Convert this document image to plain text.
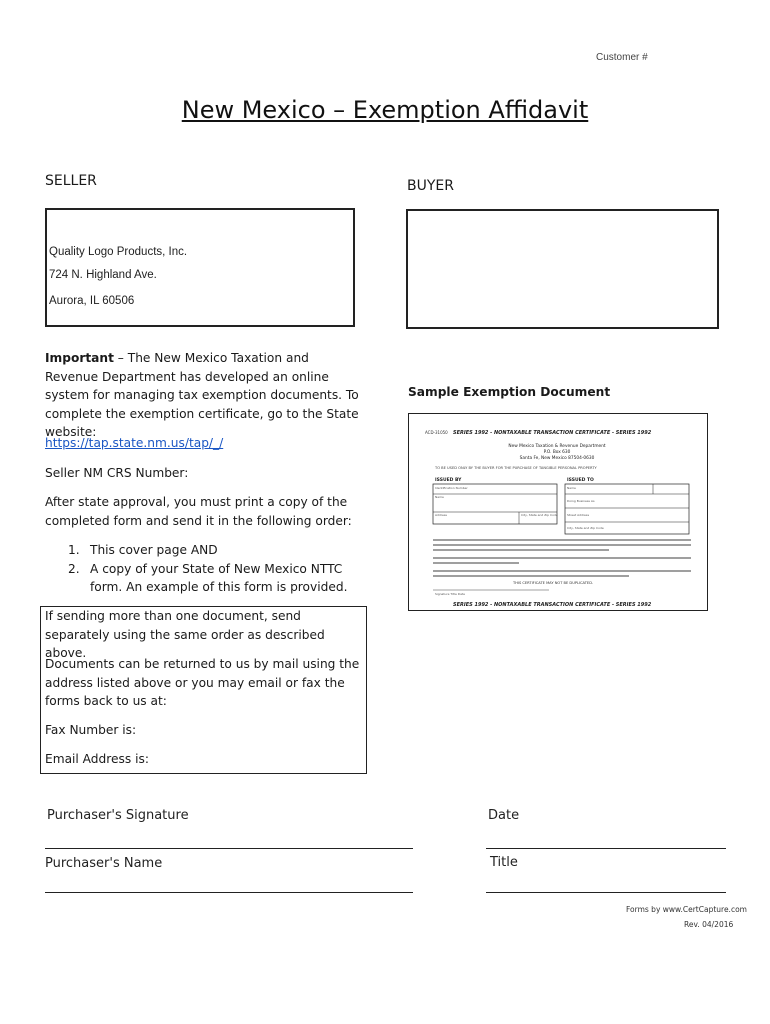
Customer #
New Mexico – Exemption Affidavit
SELLER	BUYER
Quality Logo Products, Inc.
724 N. Highland Ave.
Aurora, IL 60506
Important – The New Mexico Taxation and Revenue Department has developed an online system for managing tax exemption documents. To complete the exemption certificate, go to the State website:
https://tap.state.nm.us/tap/_/
Seller NM CRS Number:
After state approval, you must print a copy of the completed form and send it in the following order:
1. This cover page AND
2. A copy of your State of New Mexico NTTC form. An example of this form is provided.
If sending more than one document, send separately using the same order as described above.
Documents can be returned to us by mail using the address listed above or you may email or fax the forms back to us at:
Fax Number is:
Email Address is:
Sample Exemption Document
ACD-31050 SERIES 1992 - NONTAXABLE TRANSACTION CERTIFICATE - SERIES 1992
New Mexico Taxation & Revenue Department
P.O. Box 630
Santa Fe, New Mexico 87504-0630
TO BE USED ONLY BY THE BUYER FOR THE PURCHASE OF TANGIBLE PERSONAL PROPERTY
ISSUED BY	ISSUED TO
Identification Number
Name
Address	City, State and Zip Code
Name
Doing Business As
Street Address
City, State and Zip Code
THIS CERTIFICATE MAY NOT BE DUPLICATED.
Signature Title Date
SERIES 1992 - NONTAXABLE TRANSACTION CERTIFICATE - SERIES 1992
Purchaser's Signature	Date
Purchaser's Name	Title
Forms by www.CertCapture.com
Rev. 04/2016
